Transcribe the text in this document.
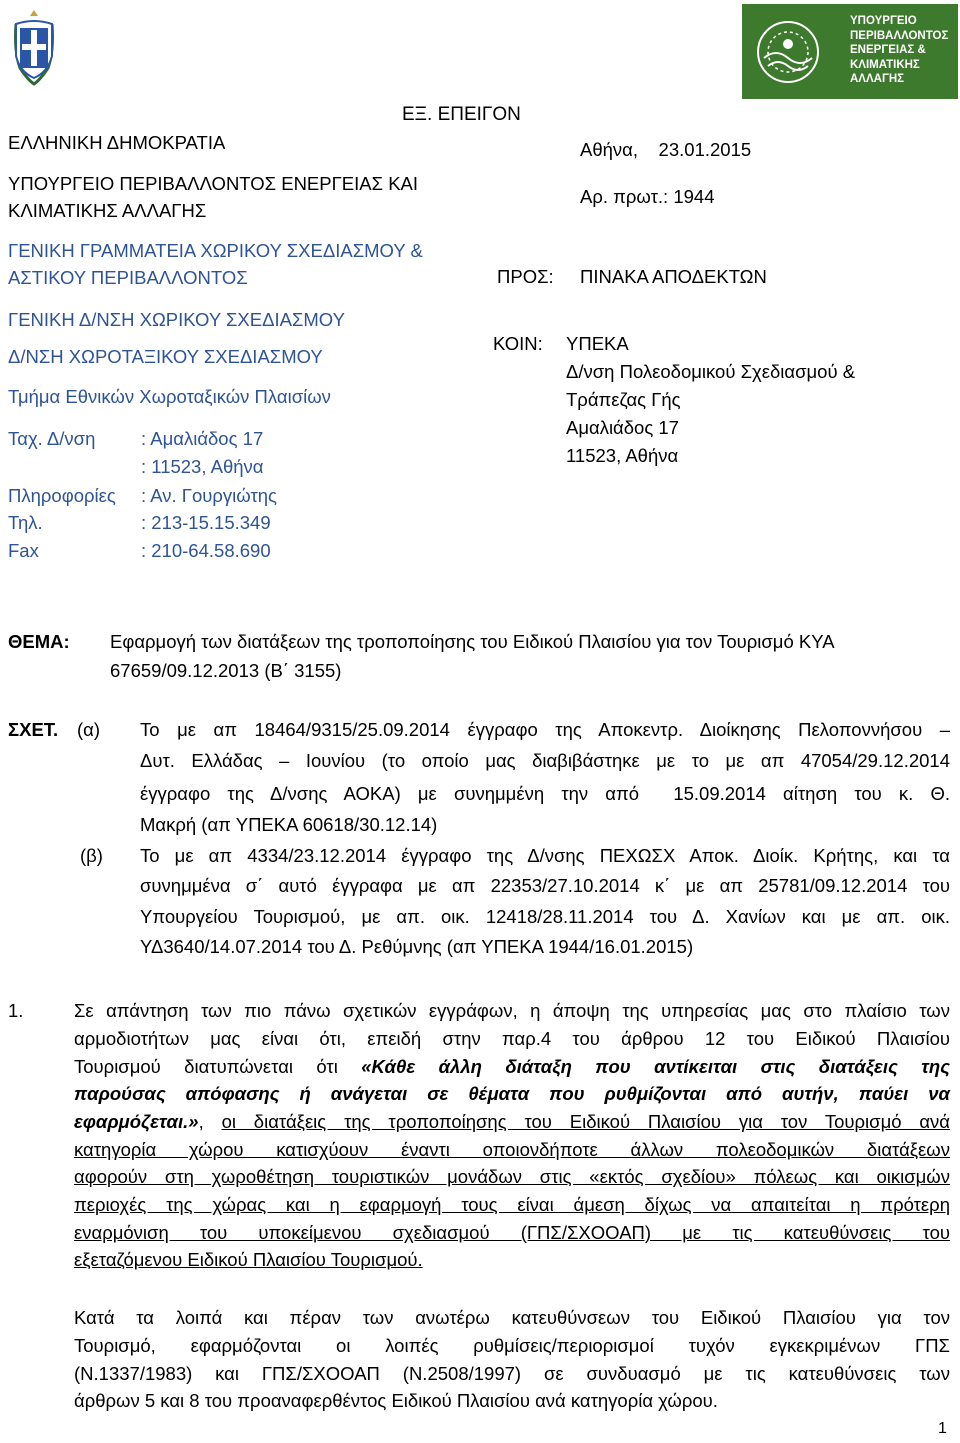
ΥΠΟΥΡΓΕΙΟ
ΠΕΡΙΒΑΛΛΟΝΤΟΣ
ΕΝΕΡΓΕΙΑΣ &
ΚΛΙΜΑΤΙΚΗΣ
ΑΛΛΑΓΗΣ
ΕΞ. ΕΠΕΙΓΟΝ
ΕΛΛΗΝΙΚΗ ΔΗΜΟΚΡΑΤΙΑ
ΥΠΟΥΡΓΕΙΟ ΠΕΡΙΒΑΛΛΟΝΤΟΣ ΕΝΕΡΓΕΙΑΣ ΚΑΙ
ΚΛΙΜΑΤΙΚΗΣ ΑΛΛΑΓΗΣ
ΓΕΝΙΚΗ ΓΡΑΜΜΑΤΕΙΑ ΧΩΡΙΚΟΥ ΣΧΕΔΙΑΣΜΟΥ &
ΑΣΤΙΚΟΥ ΠΕΡΙΒΑΛΛΟΝΤΟΣ
ΓΕΝΙΚΗ Δ/ΝΣΗ ΧΩΡΙΚΟΥ ΣΧΕΔΙΑΣΜΟΥ
Δ/ΝΣΗ ΧΩΡΟΤΑΞΙΚΟΥ ΣΧΕΔΙΑΣΜΟΥ
Τμήμα Εθνικών Χωροταξικών Πλαισίων
Ταχ. Δ/νση : Αμαλιάδος 17
: 11523, Αθήνα
Πληροφορίες : Αν. Γουργιώτης
Τηλ.	: 213-15.15.349
Fax	: 210-64.58.690
Αθήνα,    23.01.2015
Αρ. πρωτ.: 1944
ΠΡΟΣ: ΠΙΝΑΚΑ ΑΠΟΔΕΚΤΩΝ
ΚΟΙΝ: ΥΠΕΚΑ
Δ/νση Πολεοδομικού Σχεδιασμού &
Τράπεζας Γής
Αμαλιάδος 17
11523, Αθήνα
ΘΕΜΑ: Εφαρμογή των διατάξεων της τροποποίησης του Ειδικού Πλαισίου για τον Τουρισμό ΚΥΑ
67659/09.12.2013 (Β΄ 3155)
ΣΧΕΤ. (α) Το με απ 18464/9315/25.09.2014 έγγραφο της Αποκεντρ. Διοίκησης Πελοποννήσου –
Δυτ. Ελλάδας – Ιουνίου (το οποίο μας διαβιβάστηκε με το με απ 47054/29.12.2014
έγγραφο της Δ/νσης ΑΟΚΑ) με συνημμένη την από  15.09.2014 αίτηση του κ. Θ.
Μακρή (απ ΥΠΕΚΑ 60618/30.12.14)
(β) Το με απ 4334/23.12.2014 έγγραφο της Δ/νσης ΠΕΧΩΣΧ Αποκ. Διοίκ. Κρήτης, και τα
συνημμένα σ΄ αυτό έγγραφα με απ 22353/27.10.2014 κ΄ με απ 25781/09.12.2014 του
Υπουργείου Τουρισμού, με απ. οικ. 12418/28.11.2014 του Δ. Χανίων και με απ. οικ.
ΥΔ3640/14.07.2014 του Δ. Ρεθύμνης (απ ΥΠΕΚΑ 1944/16.01.2015)
1.	Σε απάντηση των πιο πάνω σχετικών εγγράφων, η άποψη της υπηρεσίας μας στο πλαίσιο των
αρμοδιοτήτων μας είναι ότι, επειδή στην παρ.4 του άρθρου 12 του Ειδικού Πλαισίου
Τουρισμού διατυπώνεται ότι «Κάθε άλλη διάταξη που αντίκειται στις διατάξεις της
παρούσας απόφασης ή ανάγεται σε θέματα που ρυθμίζονται από αυτήν, παύει να
εφαρμόζεται.», οι διατάξεις της τροποποίησης του Ειδικού Πλαισίου για τον Τουρισμό ανά
κατηγορία χώρου κατισχύουν έναντι οποιονδήποτε άλλων πολεοδομικών διατάξεων
αφορούν στη χωροθέτηση τουριστικών μονάδων στις «εκτός σχεδίου» πόλεως και οικισμών
περιοχές της χώρας και η εφαρμογή τους είναι άμεση δίχως να απαιτείται η πρότερη
εναρμόνιση του υποκείμενου σχεδιασμού (ΓΠΣ/ΣΧΟΟΑΠ) με τις κατευθύνσεις του
εξεταζόμενου Ειδικού Πλαισίου Τουρισμού.
Κατά τα λοιπά και πέραν των ανωτέρω κατευθύνσεων του Ειδικού Πλαισίου για τον
Τουρισμό, εφαρμόζονται οι λοιπές ρυθμίσεις/περιορισμοί τυχόν εγκεκριμένων ΓΠΣ
(Ν.1337/1983) και ΓΠΣ/ΣΧΟΟΑΠ (Ν.2508/1997) σε συνδυασμό με τις κατευθύνσεις των
άρθρων 5 και 8 του προαναφερθέντος Ειδικού Πλαισίου ανά κατηγορία χώρου.
1
